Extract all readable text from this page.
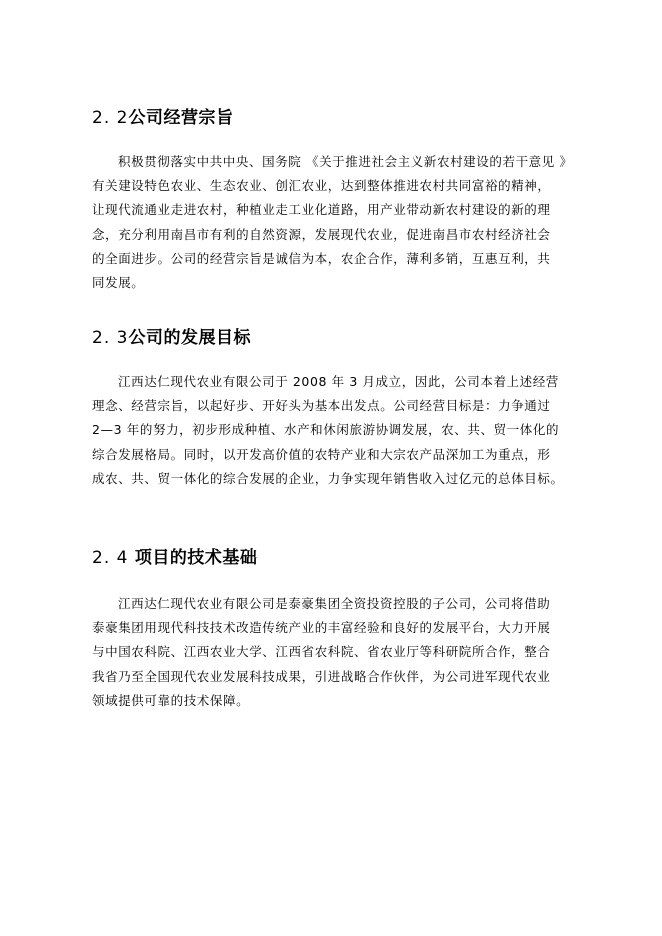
2. 2公司经营宗旨
积极贯彻落实中共中央、国务院 《关于推进社会主义新农村建设的若干意见 》
有关建设特色农业、生态农业、创汇农业，达到整体推进农村共同富裕的精神，
让现代流通业走进农村，种植业走工业化道路，用产业带动新农村建设的新的理
念，充分利用南昌市有利的自然资源，发展现代农业，促进南昌市农村经济社会
的全面进步。公司的经营宗旨是诚信为本，农企合作，薄利多销，互惠互利，共
同发展。
2. 3公司的发展目标
江西达仁现代农业有限公司于 2008 年 3 月成立，因此，公司本着上述经营
理念、经营宗旨，以起好步、开好头为基本出发点。公司经营目标是：力争通过
2—3 年的努力，初步形成种植、水产和休闲旅游协调发展，农、共、贸一体化的
综合发展格局。同时，以开发高价值的农特产业和大宗农产品深加工为重点，形
成农、共、贸一体化的综合发展的企业，力争实现年销售收入过亿元的总体目标。
2. 4 项目的技术基础
江西达仁现代农业有限公司是泰豪集团全资投资控股的子公司，公司将借助
泰豪集团用现代科技技术改造传统产业的丰富经验和良好的发展平台，大力开展
与中国农科院、江西农业大学、江西省农科院、省农业厅等科研院所合作，整合
我省乃至全国现代农业发展科技成果，引进战略合作伙伴，为公司进军现代农业
领域提供可靠的技术保障。
